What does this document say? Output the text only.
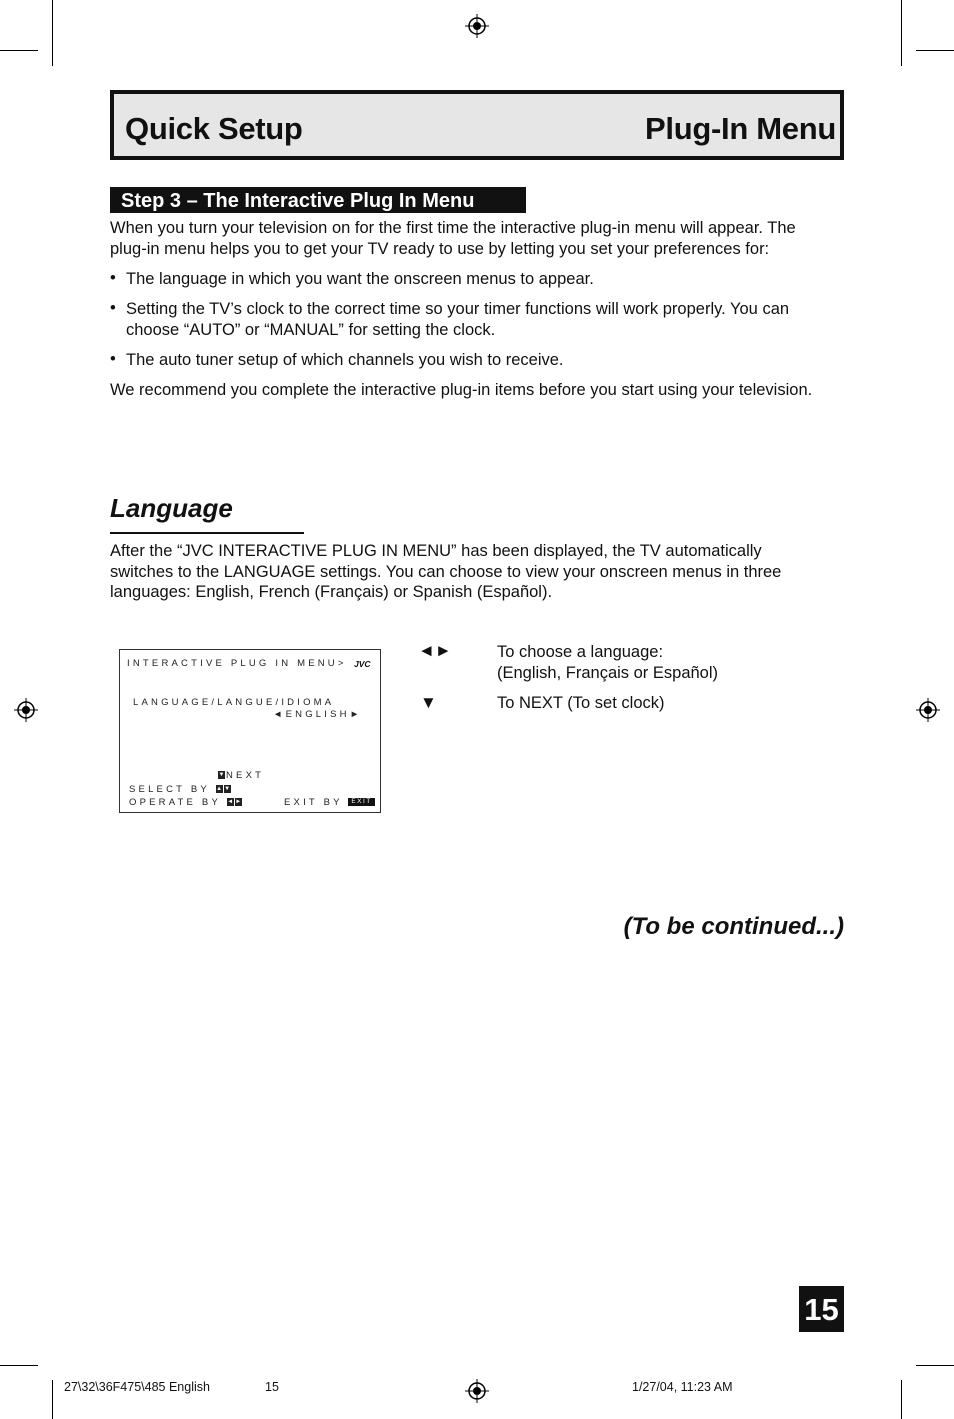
Quick Setup	Plug-In Menu
Step 3 – The Interactive Plug In Menu
When you turn your television on for the first time the interactive plug-in menu will appear. The
plug-in menu helps you to get your TV ready to use by letting you set your preferences for:
• The language in which you want the onscreen menus to appear.
• Setting the TV’s clock to the correct time so your timer functions will work properly. You can
choose “AUTO” or “MANUAL” for setting the clock.
• The auto tuner setup of which channels you wish to receive.
We recommend you complete the interactive plug-in items before you start using your television.
Language
After the “JVC INTERACTIVE PLUG IN MENU” has been displayed, the TV automatically
switches to the LANGUAGE settings. You can choose to view your onscreen menus in three
languages: English, French (Français) or Spanish (Español).
INTERACTIVE PLUG IN MENU> JVC
LANGUAGE/LANGUE/IDIOMA
◄ENGLISH►
▼ NEXT
SELECT BY ▲ ▼
OPERATE BY ◄ ►	EXIT BY EXIT
◄►	To choose a language:
(English, Français or Español)
▼	To NEXT (To set clock)
(To be continued...)
15
27\32\36F475\485 English	15	1/27/04, 11:23 AM
